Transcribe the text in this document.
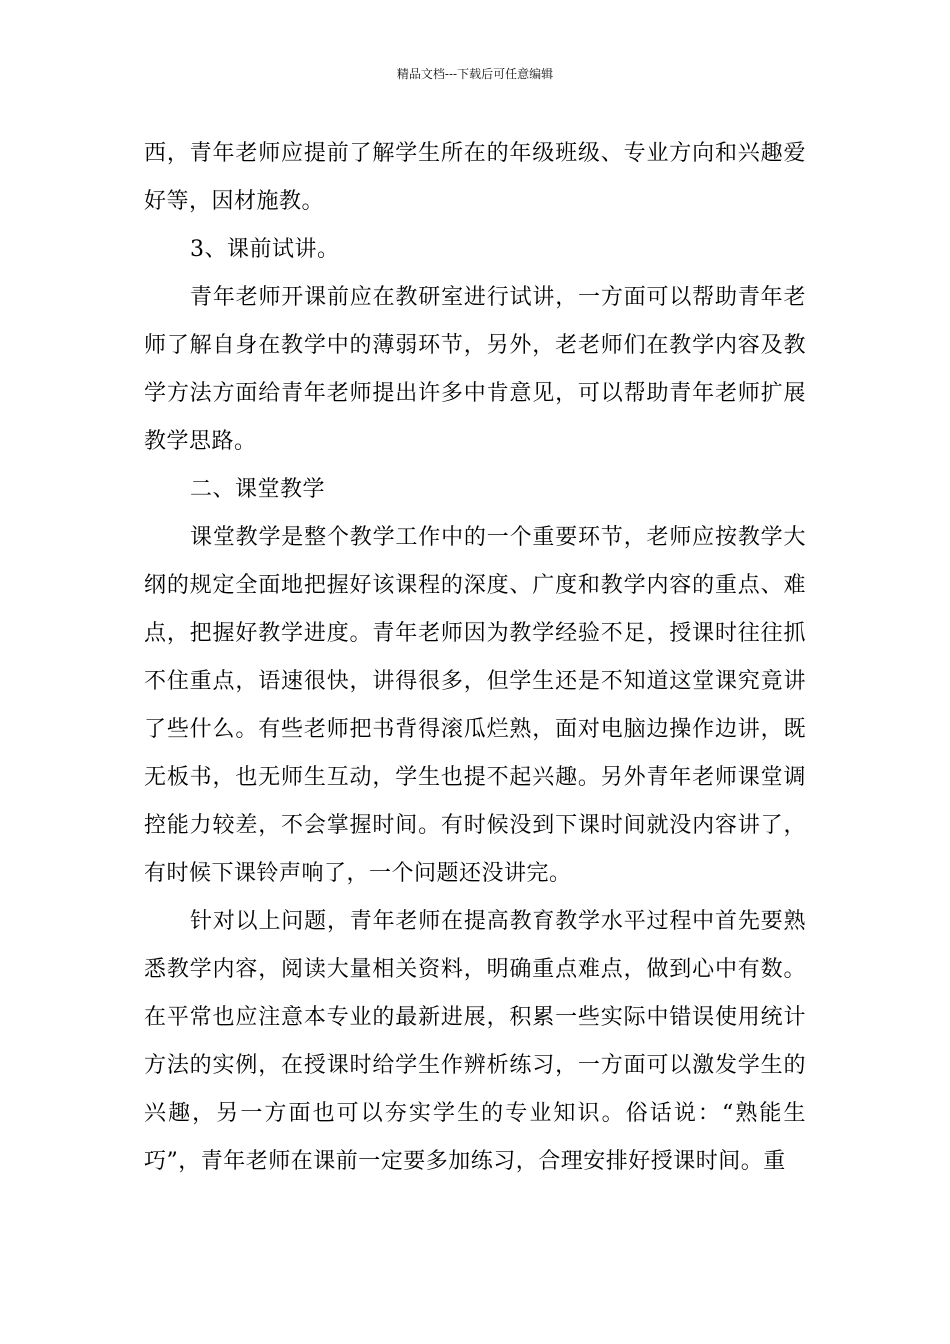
精品文档---下载后可任意编辑

西，青年老师应提前了解学生所在的年级班级、专业方向和兴趣爱好等，因材施教。

3、课前试讲。

青年老师开课前应在教研室进行试讲，一方面可以帮助青年老师了解自身在教学中的薄弱环节，另外，老老师们在教学内容及教学方法方面给青年老师提出许多中肯意见，可以帮助青年老师扩展教学思路。

二、课堂教学

课堂教学是整个教学工作中的一个重要环节，老师应按教学大纲的规定全面地把握好该课程的深度、广度和教学内容的重点、难点，把握好教学进度。青年老师因为教学经验不足，授课时往往抓不住重点，语速很快，讲得很多，但学生还是不知道这堂课究竟讲了些什么。有些老师把书背得滚瓜烂熟，面对电脑边操作边讲，既无板书，也无师生互动，学生也提不起兴趣。另外青年老师课堂调控能力较差，不会掌握时间。有时候没到下课时间就没内容讲了，有时候下课铃声响了，一个问题还没讲完。

针对以上问题，青年老师在提高教育教学水平过程中首先要熟悉教学内容，阅读大量相关资料，明确重点难点，做到心中有数。在平常也应注意本专业的最新进展，积累一些实际中错误使用统计方法的实例，在授课时给学生作辨析练习，一方面可以激发学生的兴趣，另一方面也可以夯实学生的专业知识。俗话说：“熟能生巧”，青年老师在课前一定要多加练习，合理安排好授课时间。重
